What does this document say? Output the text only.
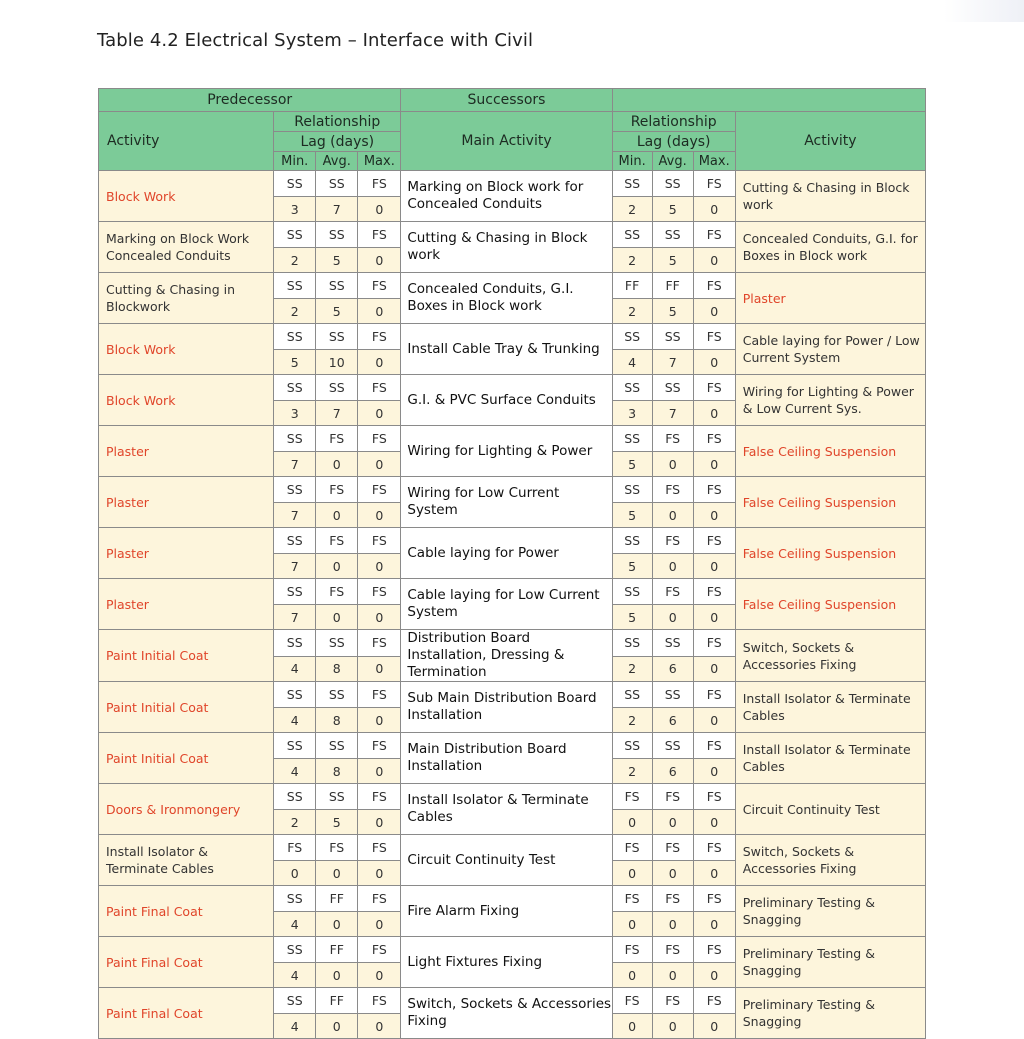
Table 4.2 Electrical System – Interface with Civil
Predecessor				Successors				
Activity	Relationship			Main Activity	Relationship			Activity
	Lag (days)				Lag (days)			
	Min.	Avg.	Max.		Min.	Avg.	Max.	
Block Work	SS	SS	FS	Marking on Block work for Concealed Conduits	SS	SS	FS	Cutting & Chasing in Block work
	3	7	0		2	5	0	
Marking on Block Work Concealed Conduits	SS	SS	FS	Cutting & Chasing in Block work	SS	SS	FS	Concealed Conduits, G.I. for Boxes in Block work
	2	5	0		2	5	0	
Cutting & Chasing in Blockwork	SS	SS	FS	Concealed Conduits, G.I. Boxes in Block work	FF	FF	FS	Plaster
	2	5	0		2	5	0	
Block Work	SS	SS	FS	Install Cable Tray & Trunking	SS	SS	FS	Cable laying for Power / Low Current System
	5	10	0		4	7	0	
Block Work	SS	SS	FS	G.I. & PVC Surface Conduits	SS	SS	FS	Wiring for Lighting & Power & Low Current Sys.
	3	7	0		3	7	0	
Plaster	SS	FS	FS	Wiring for Lighting & Power	SS	FS	FS	False Ceiling Suspension
	7	0	0		5	0	0	
Plaster	SS	FS	FS	Wiring for Low Current System	SS	FS	FS	False Ceiling Suspension
	7	0	0		5	0	0	
Plaster	SS	FS	FS	Cable laying for Power	SS	FS	FS	False Ceiling Suspension
	7	0	0		5	0	0	
Plaster	SS	FS	FS	Cable laying for Low Current System	SS	FS	FS	False Ceiling Suspension
	7	0	0		5	0	0	
Paint Initial Coat	SS	SS	FS	Distribution Board Installation, Dressing & Termination	SS	SS	FS	Switch, Sockets & Accessories Fixing
	4	8	0		2	6	0	
Paint Initial Coat	SS	SS	FS	Sub Main Distribution Board Installation	SS	SS	FS	Install Isolator & Terminate Cables
	4	8	0		2	6	0	
Paint Initial Coat	SS	SS	FS	Main Distribution Board Installation	SS	SS	FS	Install Isolator & Terminate Cables
	4	8	0		2	6	0	
Doors & Ironmongery	SS	SS	FS	Install Isolator & Terminate Cables	FS	FS	FS	Circuit Continuity Test
	2	5	0		0	0	0	
Install Isolator & Terminate Cables	FS	FS	FS	Circuit Continuity Test	FS	FS	FS	Switch, Sockets & Accessories Fixing
	0	0	0		0	0	0	
Paint Final Coat	SS	FF	FS	Fire Alarm Fixing	FS	FS	FS	Preliminary Testing & Snagging
	4	0	0		0	0	0	
Paint Final Coat	SS	FF	FS	Light Fixtures Fixing	FS	FS	FS	Preliminary Testing & Snagging
	4	0	0		0	0	0	
Paint Final Coat	SS	FF	FS	Switch, Sockets & Accessories Fixing	FS	FS	FS	Preliminary Testing & Snagging
	4	0	0		0	0	0	
